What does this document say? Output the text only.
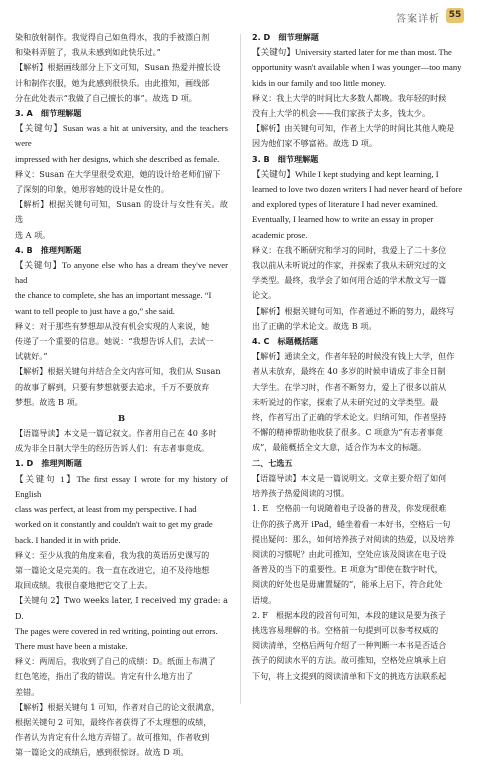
答案详析 55
染和放射制作。我觉得自己如鱼得水，我的手被漂白剂
和染料弄脏了，我从未感到如此快乐过。”
【解析】根据画线部分上下文可知，Susan 热爱并擅长设
计和制作衣服，她为此感到很快乐。由此推知，画线部
分在此处表示“我做了自己擅长的事”。故选 D 项。
3. A　细节理解题
【关键句】Susan was a hit at university, and the teachers were
impressed with her designs, which she described as female.
释义：Susan 在大学里很受欢迎，她的设计给老师们留下
了深刻的印象，她形容她的设计是女性的。
【解析】根据关键句可知，Susan 的设计与女性有关。故选
选 A 项。
4. B　推理判断题
【关键句】To anyone else who has a dream they've never had
the chance to complete, she has an important message. “I
want to tell people to just have a go,” she said.
释义：对于那些有梦想却从没有机会实现的人来说，她
传递了一个重要的信息。她说：“我想告诉人们，去试一
试就好。”
【解析】根据关键句并结合全文内容可知，我们从 Susan
的故事了解到，只要有梦想就要去追求，千万不要放弃
梦想。故选 B 项。
B
【语篇导读】本文是一篇记叙文。作者用自己在 40 多时
成为非全日制大学生的经历告诉人们：有志者事竟成。
1. D　推理判断题
【关键句 1】The first essay I wrote for my history of English
class was perfect, at least from my perspective. I had
worked on it constantly and couldn't wait to get my grade
back. I handed it in with pride.
释义：至少从我的角度来看，我为我的英语历史课写的
第一篇论文是完美的。我一直在改进它，迫不及待地想
取回成绩。我很自豪地把它交了上去。
【关键句 2】Two weeks later, I received my grade: a D.
The pages were covered in red writing, pointing out errors.
There must have been a mistake.
释义：两周后，我收到了自己的成绩：D。纸面上布满了
红色笔迹，指出了我的错误。肯定有什么地方出了
差错。
【解析】根据关键句 1 可知，作者对自己的论文很满意，
根据关键句 2 可知，最终作者获得了不太理想的成绩，
作者认为肯定有什么地方弄错了。故可推知，作者收到
第一篇论文的成绩后，感到很惊讶。故选 D 项。
2. D　细节理解题
【关键句】University started later for me than most. The
opportunity wasn't available when I was younger—too many
kids in our family and too little money.
释义：我上大学的时间比大多数人都晚。我年轻的时候
没有上大学的机会——我们家孩子太多，钱太少。
【解析】由关键句可知，作者上大学的时间比其他人晚是
因为他们家不够富裕。故选 D 项。
3. B　细节理解题
【关键句】While I kept studying and kept learning, I
learned to love two dozen writers I had never heard of before
and explored types of literature I had never examined.
Eventually, I learned how to write an essay in proper
academic prose.
释义：在我不断研究和学习的同时，我爱上了二十多位
我以前从未听说过的作家，并探索了我从未研究过的文
学类型。最终，我学会了如何用合适的学术散文写一篇
论文。
【解析】根据关键句可知，作者通过不断的努力，最终写
出了正确的学术论文。故选 B 项。
4. C　标题概括题
【解析】通读全文，作者年轻的时候没有钱上大学，但作
者从未放弃，最终在 40 多岁的时候申请成了非全日制
大学生。在学习时，作者不断努力，爱上了很多以前从
未听说过的作家，探索了从未研究过的文学类型。最
终，作者写出了正确的学术论文。归纳可知，作者坚持
不懈的精神帮助他收获了很多。C 项意为“有志者事竟
成”，最能概括全文大意，适合作为本文的标题。
二、七选五
【语篇导读】本文是一篇说明文。文章主要介绍了如何
培养孩子热爱阅读的习惯。
1. E　空格前一句说随着电子设备的普及，你发现很难
让你的孩子离开 iPad，蜷坐着看一本好书，空格后一句
提出疑问：那么，如何培养孩子对阅读的热爱，以及培养
阅读的习惯呢？由此可推知，空处应该及阅读在电子设
备普及的当下的重要性。E 项意为“即使在数字时代，
阅读的好处也是毋庸置疑的”，能承上启下，符合此处
语境。
2. F　根据本段的段首句可知，本段的建议是要为孩子
挑选容易理解的书。空格前一句提到可以参考权威的
阅读清单，空格后两句介绍了一种判断一本书是否适合
孩子的阅读水平的方法。故可推知，空格处应填承上启
下句，将上文提到的阅读清单和下文的挑选方法联系起
